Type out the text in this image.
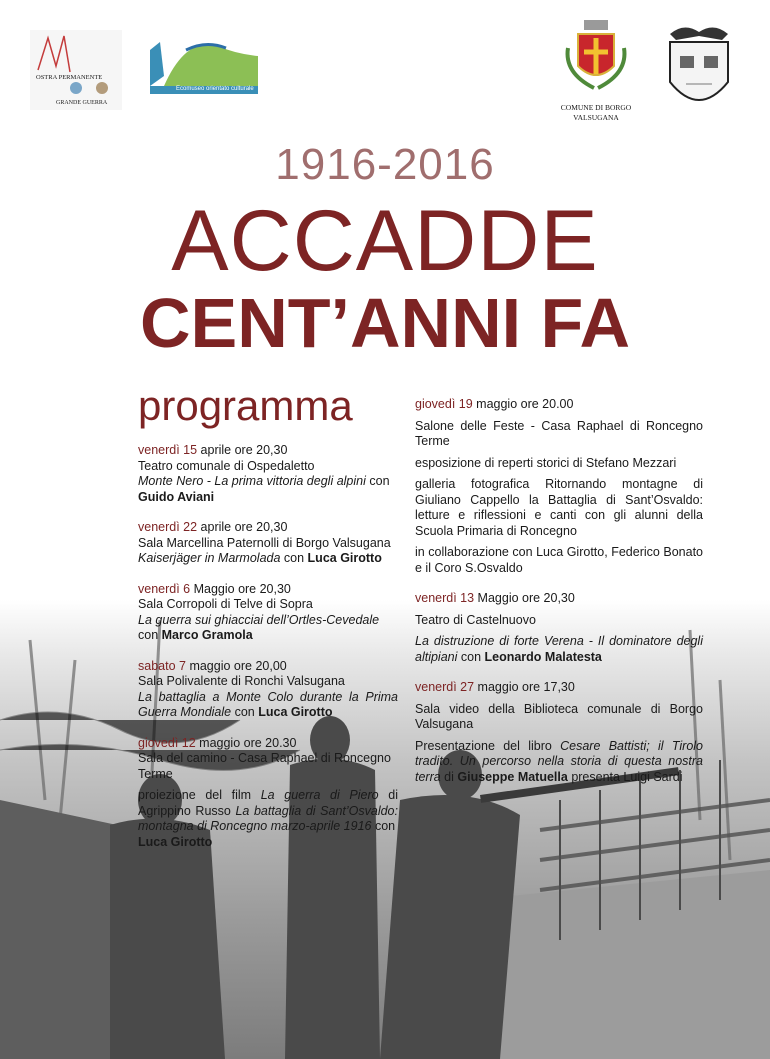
OSTRA PERMANENTE
GRANDE GUERRA
Ecomuseo orientato culturale
COMUNE DI BORGO
VALSUGANA
1916-2016
ACCADDE
CENT’ANNI FA
programma
venerdì 15 aprile ore 20,30
Teatro comunale di Ospedaletto
Monte Nero - La prima vittoria degli alpini con
Guido Aviani
venerdì 22 aprile ore 20,30
Sala Marcellina Paternolli di Borgo Valsugana
Kaiserjäger in Marmolada con Luca Girotto
venerdì 6 Maggio ore 20,30
Sala Corropoli di Telve di Sopra
La guerra sui ghiacciai dell’Ortles-Cevedale
con Marco Gramola
sabato 7 maggio ore 20,00
Sala Polivalente di Ronchi Valsugana
La battaglia a Monte Colo durante la Prima Guerra Mondiale con Luca Girotto
giovedì 12 maggio ore 20.30
Sala del camino - Casa Raphael di Roncegno Terme
proiezione del film La guerra di Piero di Agrippino Russo La battaglia di Sant’Osvaldo: montagna di Roncegno marzo-aprile 1916 con
Luca Girotto
giovedì 19 maggio ore 20.00
Salone delle Feste - Casa Raphael di Roncegno Terme
esposizione di reperti storici di Stefano Mezzari
galleria fotografica Ritornando montagne di Giuliano Cappello la Battaglia di Sant’Osvaldo: letture e riflessioni e canti con gli alunni della Scuola Primaria di Roncegno
in collaborazione con Luca Girotto, Federico Bonato e il Coro S.Osvaldo
venerdì 13 Maggio ore 20,30
Teatro di Castelnuovo
La distruzione di forte Verena - Il dominatore degli altipiani con Leonardo Malatesta
venerdì 27 maggio ore 17,30
Sala video della Biblioteca comunale di Borgo Valsugana
Presentazione del libro Cesare Battisti; il Tirolo tradito. Un percorso nella storia di questa nostra terra di Giuseppe Matuella presenta Luigi Sardi
